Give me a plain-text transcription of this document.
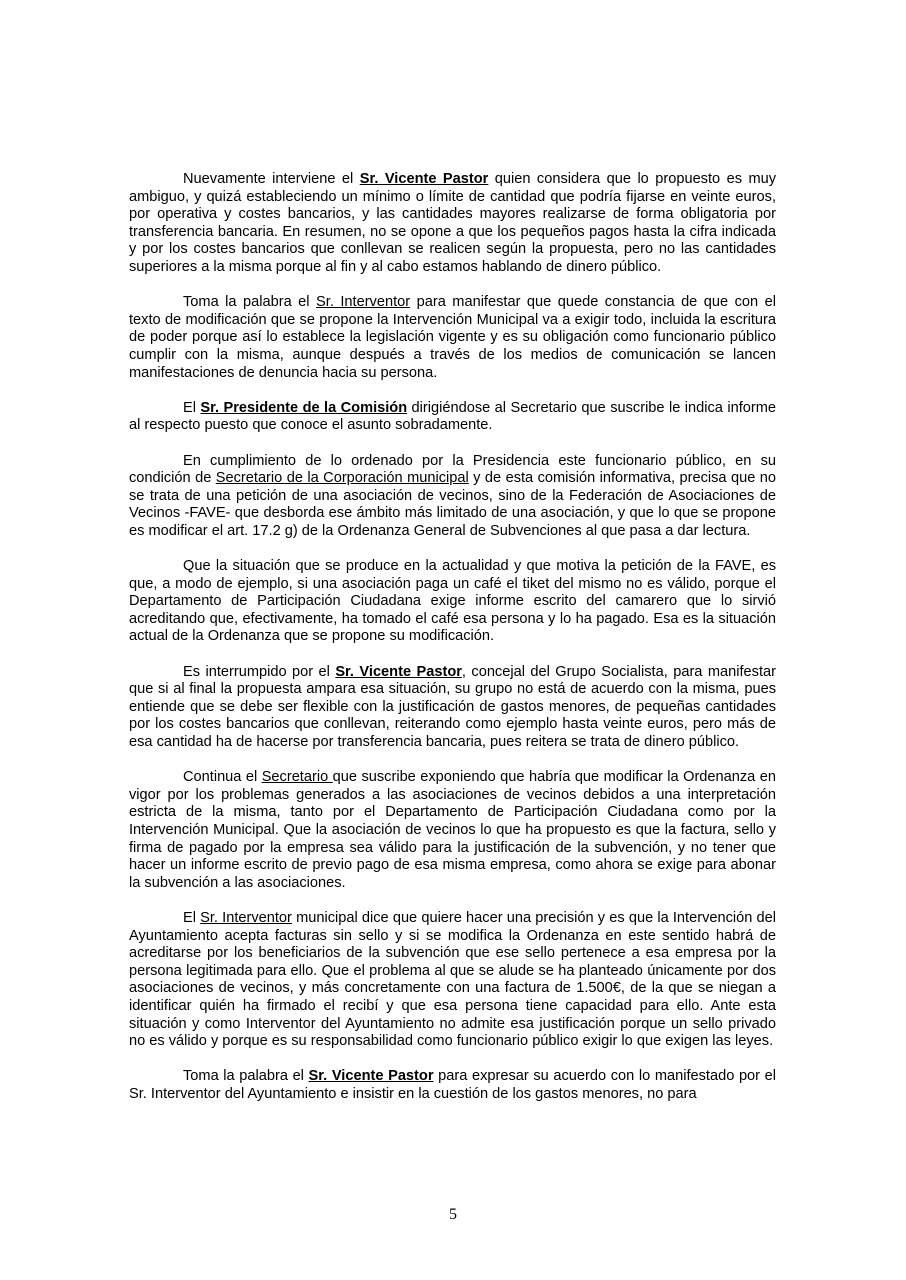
Nuevamente interviene el Sr. Vicente Pastor quien considera que lo propuesto es muy ambiguo, y quizá estableciendo un mínimo o límite de cantidad que podría fijarse en veinte euros, por operativa y costes bancarios, y las cantidades mayores realizarse de forma obligatoria por transferencia bancaria. En resumen, no se opone a que los pequeños pagos hasta la cifra indicada y por los costes bancarios que conllevan se realicen según la propuesta, pero no las cantidades superiores a la misma porque al fin y al cabo estamos hablando de dinero público.

Toma la palabra el Sr. Interventor para manifestar que quede constancia de que con el texto de modificación que se propone la Intervención Municipal va a exigir todo, incluida la escritura de poder porque así lo establece la legislación vigente y es su obligación como funcionario público cumplir con la misma, aunque después a través de los medios de comunicación se lancen manifestaciones de denuncia hacia su persona.

El Sr. Presidente de la Comisión dirigiéndose al Secretario que suscribe le indica informe al respecto puesto que conoce el asunto sobradamente.

En cumplimiento de lo ordenado por la Presidencia este funcionario público, en su condición de Secretario de la Corporación municipal y de esta comisión informativa, precisa que no se trata de una petición de una asociación de vecinos, sino de la Federación de Asociaciones de Vecinos -FAVE- que desborda ese ámbito más limitado de una asociación, y que lo que se propone es modificar el art. 17.2 g) de la Ordenanza General de Subvenciones al que pasa a dar lectura.

Que la situación que se produce en la actualidad y que motiva la petición de la FAVE, es que, a modo de ejemplo, si una asociación paga un café el tiket del mismo no es válido, porque el Departamento de Participación Ciudadana exige informe escrito del camarero que lo sirvió acreditando que, efectivamente, ha tomado el café esa persona y lo ha pagado. Esa es la situación actual de la Ordenanza que se propone su modificación.

Es interrumpido por el Sr. Vicente Pastor, concejal del Grupo Socialista, para manifestar que si al final la propuesta ampara esa situación, su grupo no está de acuerdo con la misma, pues entiende que se debe ser flexible con la justificación de gastos menores, de pequeñas cantidades por los costes bancarios que conllevan, reiterando como ejemplo hasta veinte euros, pero más de esa cantidad ha de hacerse por transferencia bancaria, pues reitera se trata de dinero público.

Continua el Secretario que suscribe exponiendo que habría que modificar la Ordenanza en vigor por los problemas generados a las asociaciones de vecinos debidos a una interpretación estricta de la misma, tanto por el Departamento de Participación Ciudadana como por la Intervención Municipal. Que la asociación de vecinos lo que ha propuesto es que la factura, sello y firma de pagado por la empresa sea válido para la justificación de la subvención, y no tener que hacer un informe escrito de previo pago de esa misma empresa, como ahora se exige para abonar la subvención a las asociaciones.

El Sr. Interventor municipal dice que quiere hacer una precisión y es que la Intervención del Ayuntamiento acepta facturas sin sello y si se modifica la Ordenanza en este sentido habrá de acreditarse por los beneficiarios de la subvención que ese sello pertenece a esa empresa por la persona legitimada para ello. Que el problema al que se alude se ha planteado únicamente por dos asociaciones de vecinos, y más concretamente con una factura de 1.500€, de la que se niegan a identificar quién ha firmado el recibí y que esa persona tiene capacidad para ello. Ante esta situación y como Interventor del Ayuntamiento no admite esa justificación porque un sello privado no es válido y porque es su responsabilidad como funcionario público exigir lo que exigen las leyes.

Toma la palabra el Sr. Vicente Pastor para expresar su acuerdo con lo manifestado por el Sr. Interventor del Ayuntamiento e insistir en la cuestión de los gastos menores, no para

5
